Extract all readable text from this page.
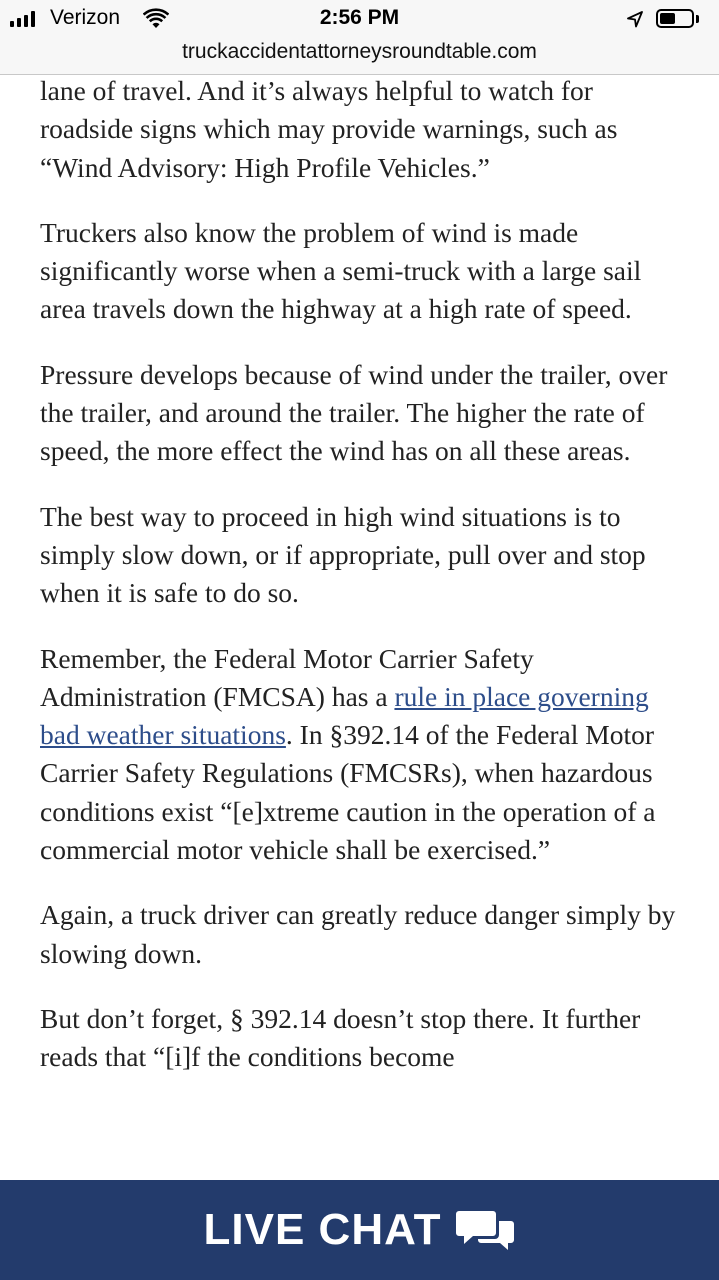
Verizon	2:56 PM
truckaccidentattorneysroundtable.com

lane of travel. And it’s always helpful to watch for roadside signs which may provide warnings, such as “Wind Advisory: High Profile Vehicles.”

Truckers also know the problem of wind is made significantly worse when a semi-truck with a large sail area travels down the highway at a high rate of speed.

Pressure develops because of wind under the trailer, over the trailer, and around the trailer. The higher the rate of speed, the more effect the wind has on all these areas.

The best way to proceed in high wind situations is to simply slow down, or if appropriate, pull over and stop when it is safe to do so.

Remember, the Federal Motor Carrier Safety Administration (FMCSA) has a rule in place governing bad weather situations. In §392.14 of the Federal Motor Carrier Safety Regulations (FMCSRs), when hazardous conditions exist “[e]xtreme caution in the operation of a commercial motor vehicle shall be exercised.”

Again, a truck driver can greatly reduce danger simply by slowing down.

But don’t forget, § 392.14 doesn’t stop there. It further reads that “[i]f the conditions become

LIVE CHAT
